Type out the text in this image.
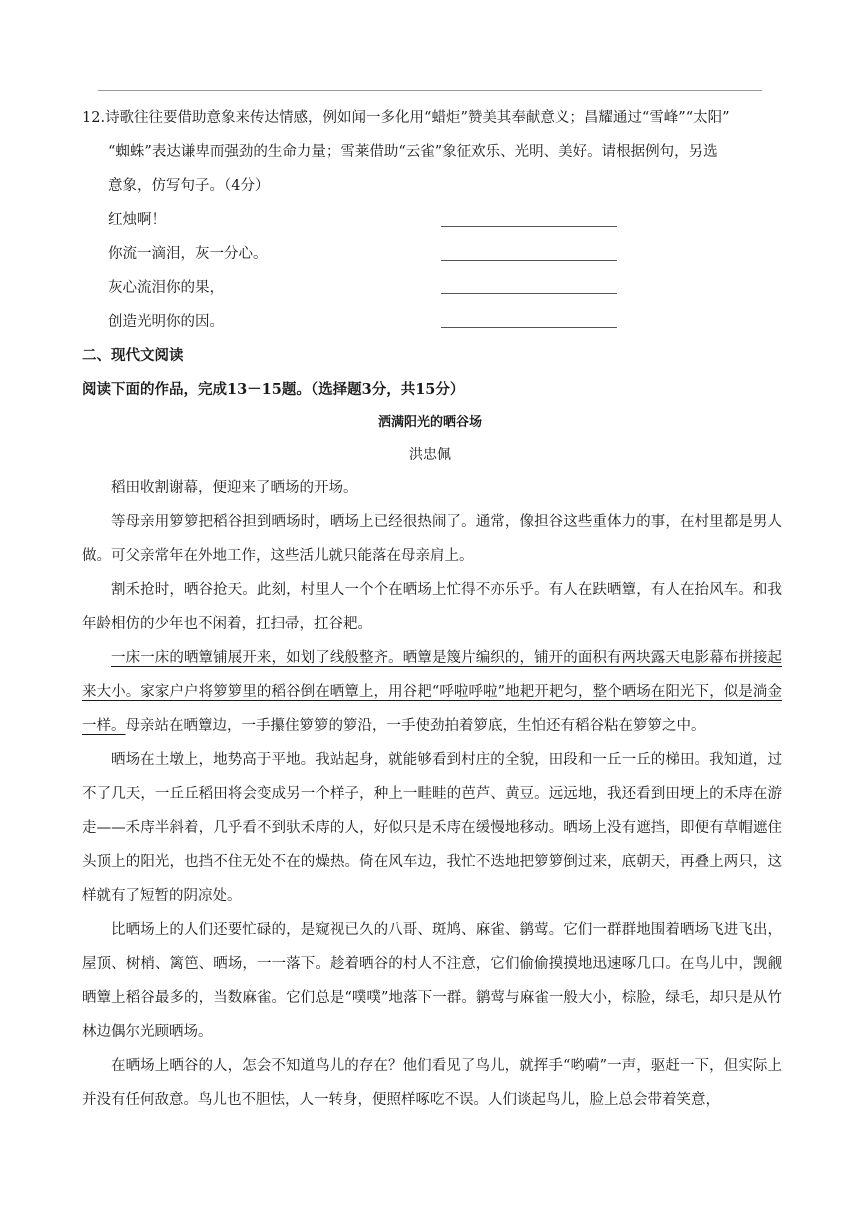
12.诗歌往往要借助意象来传达情感，例如闻一多化用“蜡炬”赞美其奉献意义；昌耀通过“雪峰”“太阳”
“蜘蛛”表达谦卑而强劲的生命力量；雪莱借助“云雀”象征欢乐、光明、美好。请根据例句，另选
意象，仿写句子。（4分）
红烛啊！
你流一滴泪，灰一分心。
灰心流泪你的果，
创造光明你的因。
二、现代文阅读
阅读下面的作品，完成13－15题。（选择题3分，共15分）
洒满阳光的晒谷场
洪忠佩

稻田收割谢幕，便迎来了晒场的开场。

等母亲用箩箩把稻谷担到晒场时，晒场上已经很热闹了。通常，像担谷这些重体力的事，在村里都是男人做。可父亲常年在外地工作，这些活儿就只能落在母亲肩上。

割禾抢时，晒谷抢天。此刻，村里人一个个在晒场上忙得不亦乐乎。有人在趺晒簟，有人在抬风车。和我年龄相仿的少年也不闲着，扛扫帚，扛谷耙。

一床一床的晒簟铺展开来，如划了线般整齐。晒簟是篾片编织的，铺开的面积有两块露天电影幕布拼接起来大小。家家户户将箩箩里的稻谷倒在晒簟上，用谷耙“呼啦呼啦”地耙开耙匀，整个晒场在阳光下，似是淌金一样。母亲站在晒簟边，一手攥住箩箩的箩沿，一手使劲拍着箩底，生怕还有稻谷粘在箩箩之中。

晒场在土墩上，地势高于平地。我站起身，就能够看到村庄的全貌，田段和一丘一丘的梯田。我知道，过不了几天，一丘丘稻田将会变成另一个样子，种上一畦畦的芭芦、黄豆。远远地，我还看到田埂上的禾庤在游走——禾庤半斜着，几乎看不到驮禾庤的人，好似只是禾庤在缓慢地移动。晒场上没有遮挡，即便有草帽遮住头顶上的阳光，也挡不住无处不在的燥热。倚在风车边，我忙不迭地把箩箩倒过来，底朝天，再叠上两只，这样就有了短暂的阴凉处。

比晒场上的人们还要忙碌的，是窥视已久的八哥、斑鸠、麻雀、鹟莺。它们一群群地围着晒场飞进飞出，屋顶、树梢、篱笆、晒场，一一落下。趁着晒谷的村人不注意，它们偷偷摸摸地迅速啄几口。在鸟儿中，觊觎晒簟上稻谷最多的，当数麻雀。它们总是“噗噗”地落下一群。鹟莺与麻雀一般大小，棕脸，绿毛，却只是从竹林边偶尔光顾晒场。

在晒场上晒谷的人，怎会不知道鸟儿的存在？他们看见了鸟儿，就挥手“哟嗬”一声，驱赶一下，但实际上并没有任何敌意。鸟儿也不胆怯，人一转身，便照样啄吃不误。人们谈起鸟儿，脸上总会带着笑意，
